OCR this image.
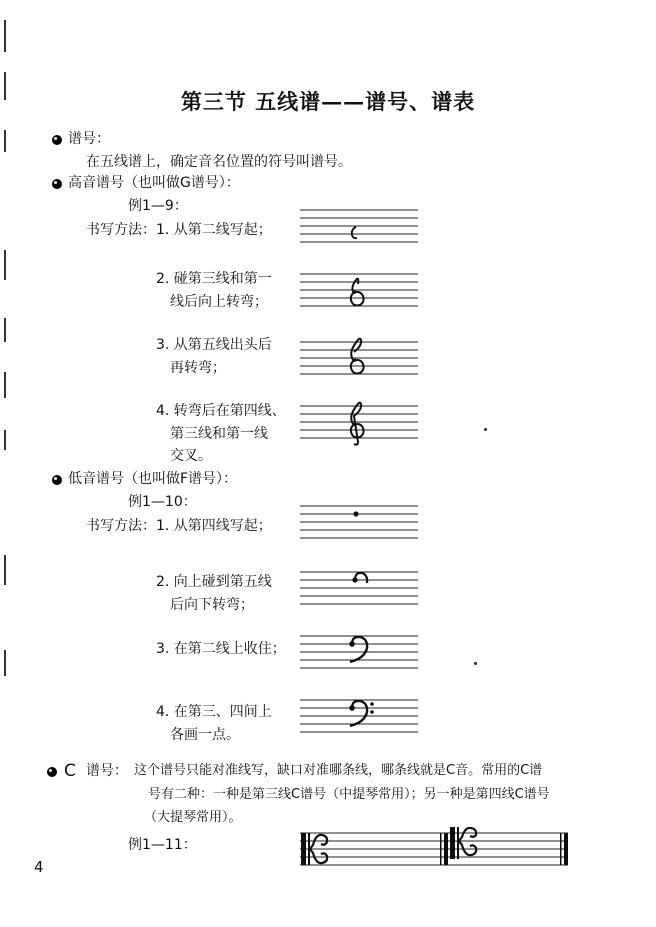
第三节 五线谱——谱号、谱表
谱号：
在五线谱上，确定音名位置的符号叫谱号。
高音谱号（也叫做G谱号）：
例1—9：
书写方法： 1. 从第二线写起；
2. 碰第三线和第一
线后向上转弯；
3. 从第五线出头后
再转弯；
4. 转弯后在第四线、
第三线和第一线
交叉。
低音谱号（也叫做F谱号）：
例1—10：
书写方法： 1. 从第四线写起；
2. 向上碰到第五线
后向下转弯；
3. 在第二线上收住；
4. 在第三、四间上
各画一点。
C 谱号： 这个谱号只能对准线写，缺口对准哪条线，哪条线就是C音。常用的C谱
号有二种：一种是第三线C谱号（中提琴常用）；另一种是第四线C谱号
（大提琴常用）。
例1—11：
4
